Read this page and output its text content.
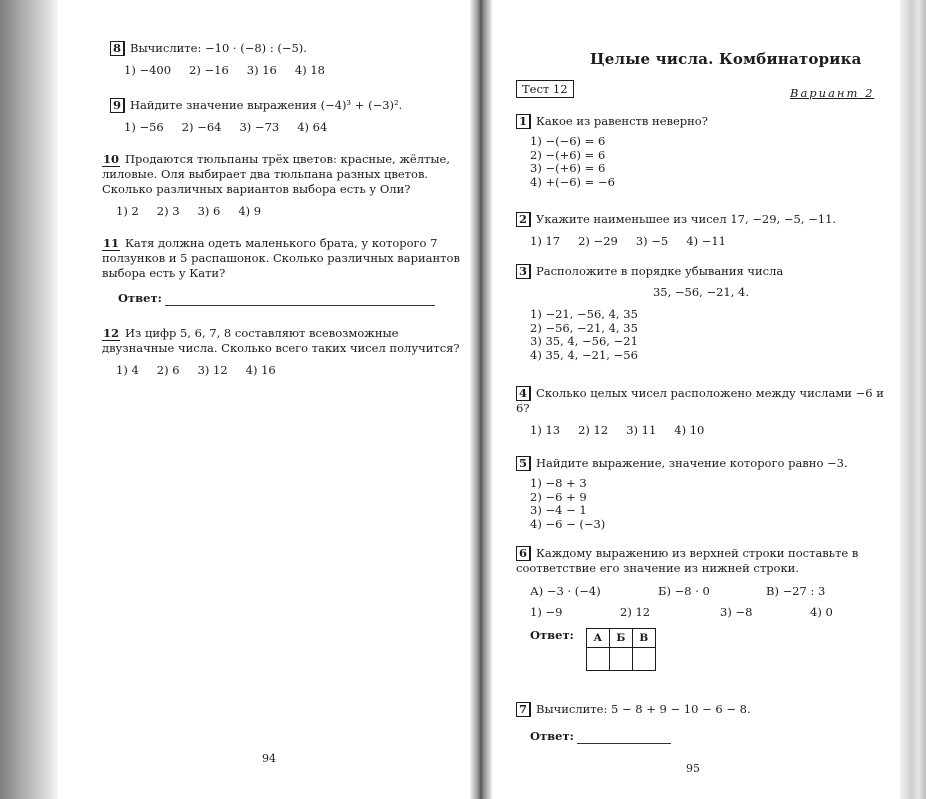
8 Вычислите: −10 · (−8) : (−5).
1) −400 2) −16 3) 16 4) 18
9 Найдите значение выражения (−4)³ + (−3)².
1) −56 2) −64 3) −73 4) 64
10 Продаются тюльпаны трёх цветов: красные, жёлтые, лиловые. Оля выбирает два тюльпана разных цветов. Сколько различных вариантов выбора есть у Оли?
1) 2 2) 3 3) 6 4) 9
11 Катя должна одеть маленького брата, у которого 7 ползунков и 5 распашонок. Сколько различных вариантов выбора есть у Кати?
Ответ:
12 Из цифр 5, 6, 7, 8 составляют всевозможные двузначные числа. Сколько всего таких чисел получится?
1) 4 2) 6 3) 12 4) 16
94
Целые числа. Комбинаторика
Тест 12	Вариант 2
1 Какое из равенств неверно?
1) −(−6) = 6
2) −(+6) = 6
3) −(+6) = 6
4) +(−6) = −6
2 Укажите наименьшее из чисел 17, −29, −5, −11.
1) 17 2) −29 3) −5 4) −11
3 Расположите в порядке убывания числа
35, −56, −21, 4.
1) −21, −56, 4, 35
2) −56, −21, 4, 35
3) 35, 4, −56, −21
4) 35, 4, −21, −56
4 Сколько целых чисел расположено между числами −6 и 6?
1) 13 2) 12 3) 11 4) 10
5 Найдите выражение, значение которого равно −3.
1) −8 + 3
2) −6 + 9
3) −4 − 1
4) −6 − (−3)
6 Каждому выражению из верхней строки поставьте в соответствие его значение из нижней строки.
А) −3 · (−4)	Б) −8 · 0	В) −27 : 3
1) −9	2) 12	3) −8	4) 0
Ответ: А	Б	В

7 Вычислите: 5 − 8 + 9 − 10 − 6 − 8.
Ответ:
95
